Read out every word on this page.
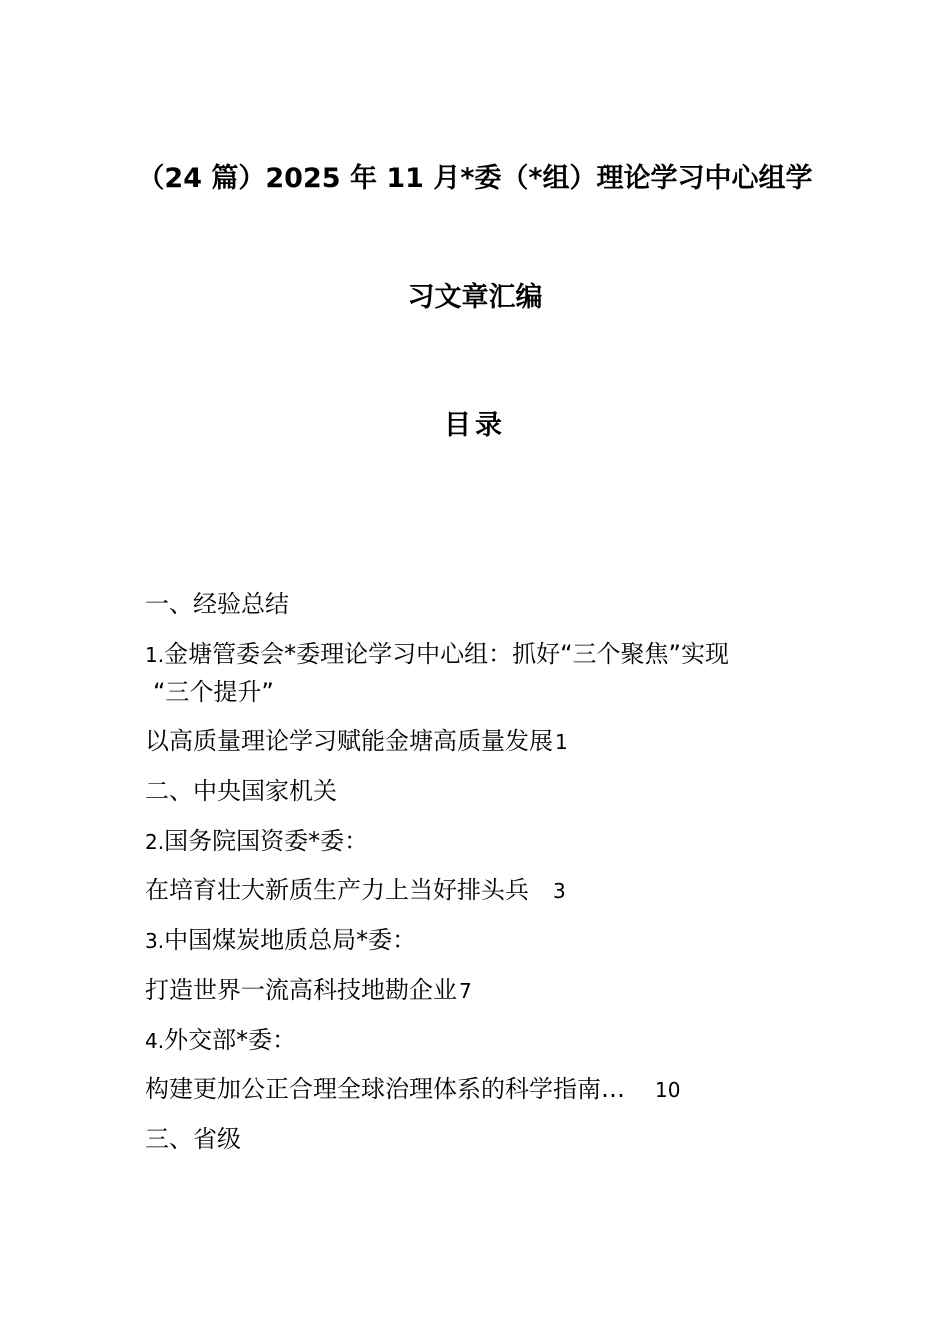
（24 篇）2025 年 11 月*委（*组）理论学习中心组学
习文章汇编
目录
一、经验总结
1.金塘管委会*委理论学习中心组：抓好“三个聚焦”实现
“三个提升”
以高质量理论学习赋能金塘高质量发展 1
二、中央国家机关
2.国务院国资委*委：
在培育壮大新质生产力上当好排头兵 3
3.中国煤炭地质总局*委：
打造世界一流高科技地勘企业 7
4.外交部*委：
构建更加公正合理全球治理体系的科学指南… 10
三、省级
